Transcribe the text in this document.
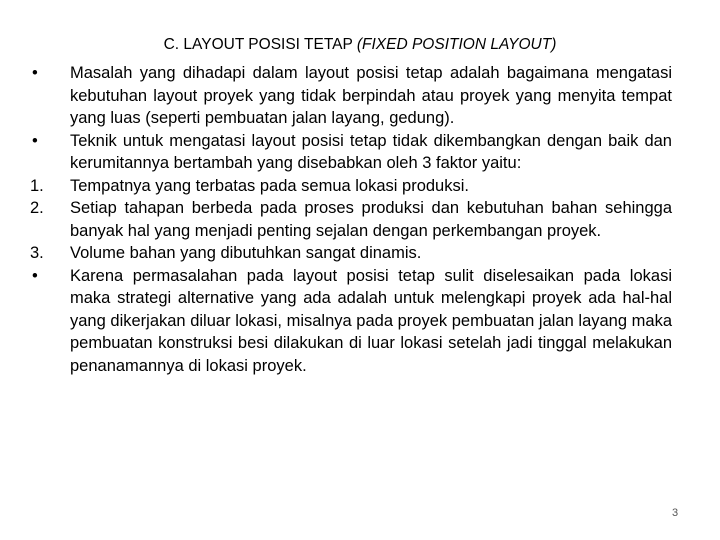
C. LAYOUT POSISI TETAP (FIXED POSITION LAYOUT)
• Masalah yang dihadapi dalam layout posisi tetap adalah bagaimana mengatasi kebutuhan layout proyek yang tidak berpindah atau proyek yang menyita tempat yang luas (seperti pembuatan jalan layang, gedung).
• Teknik untuk mengatasi layout posisi tetap tidak dikembangkan dengan baik dan kerumitannya bertambah yang disebabkan oleh 3 faktor yaitu:
1. Tempatnya yang terbatas pada semua lokasi produksi.
2. Setiap tahapan berbeda pada proses produksi dan kebutuhan bahan sehingga banyak hal yang menjadi penting sejalan dengan perkembangan proyek.
3. Volume bahan yang dibutuhkan sangat dinamis.
• Karena permasalahan pada layout posisi tetap sulit diselesaikan pada lokasi maka strategi alternative yang ada adalah untuk melengkapi proyek ada hal-hal yang dikerjakan diluar lokasi, misalnya pada proyek pembuatan jalan layang maka pembuatan konstruksi besi dilakukan di luar lokasi setelah jadi tinggal melakukan penanamannya di lokasi proyek.
3
